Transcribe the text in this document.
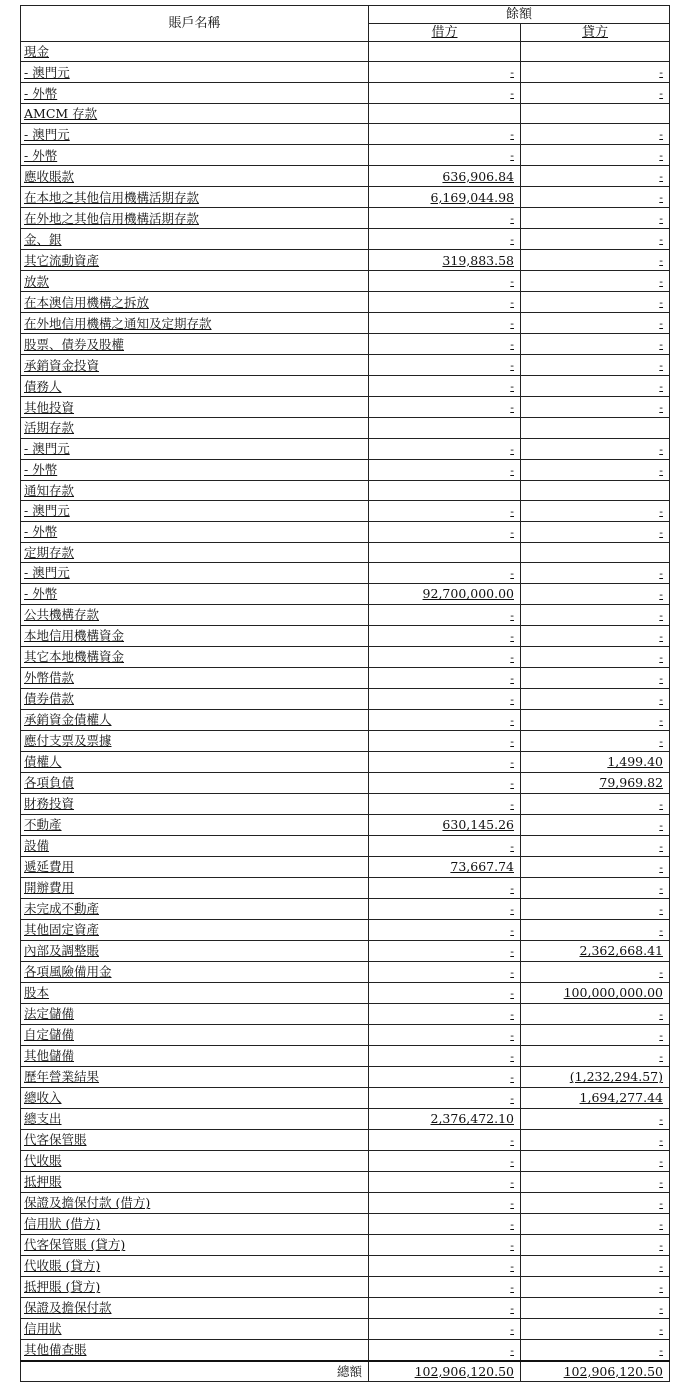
賬戶名稱	餘額	
	借方	貸方
現金		
- 澳門元	-	-
- 外幣	-	-
AMCM 存款		
- 澳門元	-	-
- 外幣	-	-
應收賬款	636,906.84	-
在本地之其他信用機構活期存款	6,169,044.98	-
在外地之其他信用機構活期存款	-	-
金、銀	-	-
其它流動資產	319,883.58	-
放款	-	-
在本澳信用機構之拆放	-	-
在外地信用機構之通知及定期存款	-	-
股票、債券及股權	-	-
承銷資金投資	-	-
債務人	-	-
其他投資	-	-
活期存款		
- 澳門元	-	-
- 外幣	-	-
通知存款		
- 澳門元	-	-
- 外幣	-	-
定期存款		
- 澳門元	-	-
- 外幣	92,700,000.00	-
公共機構存款	-	-
本地信用機構資金	-	-
其它本地機構資金	-	-
外幣借款	-	-
債券借款	-	-
承銷資金債權人	-	-
應付支票及票據	-	-
債權人	-	1,499.40
各項負債	-	79,969.82
財務投資	-	-
不動產	630,145.26	-
設備	-	-
遞延費用	73,667.74	-
開辦費用	-	-
未完成不動產	-	-
其他固定資產	-	-
內部及調整賬	-	2,362,668.41
各項風險備用金	-	-
股本	-	100,000,000.00
法定儲備	-	-
自定儲備	-	-
其他儲備	-	-
歷年營業結果	-	(1,232,294.57)
總收入	-	1,694,277.44
總支出	2,376,472.10	-
代客保管賬	-	-
代收賬	-	-
抵押賬	-	-
保證及擔保付款 (借方)	-	-
信用狀 (借方)	-	-
代客保管賬 (貸方)	-	-
代收賬 (貸方)	-	-
抵押賬 (貸方)	-	-
保證及擔保付款	-	-
信用狀	-	-
其他備查賬	-	-
總額	102,906,120.50	102,906,120.50
